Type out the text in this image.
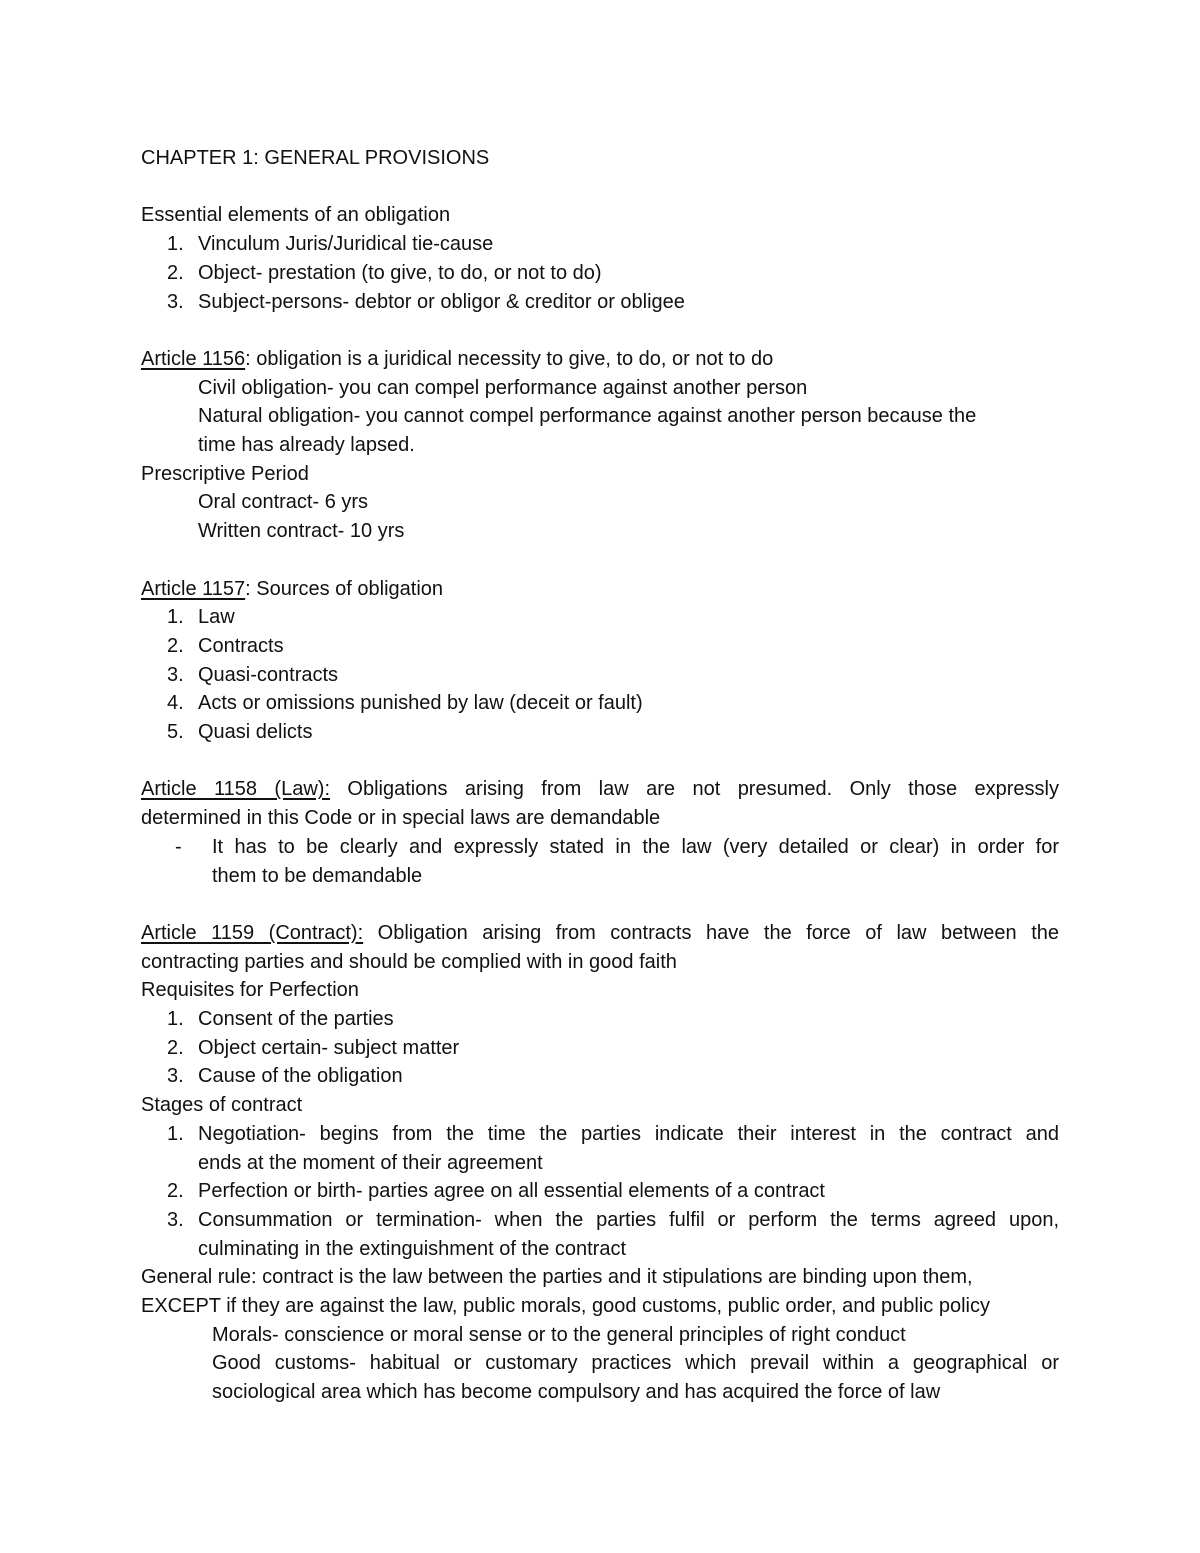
CHAPTER 1: GENERAL PROVISIONS
Essential elements of an obligation
1. Vinculum Juris/Juridical tie-cause
2. Object- prestation (to give, to do, or not to do)
3. Subject-persons- debtor or obligor & creditor or obligee
Article 1156: obligation is a juridical necessity to give, to do, or not to do
Civil obligation- you can compel performance against another person
Natural obligation- you cannot compel performance against another person because the
time has already lapsed.
Prescriptive Period
Oral contract- 6 yrs
Written contract- 10 yrs
Article 1157: Sources of obligation
1. Law
2. Contracts
3. Quasi-contracts
4. Acts or omissions punished by law (deceit or fault)
5. Quasi delicts
Article 1158 (Law): Obligations arising from law are not presumed. Only those expressly
determined in this Code or in special laws are demandable
- It has to be clearly and expressly stated in the law (very detailed or clear) in order for
them to be demandable
Article 1159 (Contract): Obligation arising from contracts have the force of law between the
contracting parties and should be complied with in good faith
Requisites for Perfection
1. Consent of the parties
2. Object certain- subject matter
3. Cause of the obligation
Stages of contract
1. Negotiation- begins from the time the parties indicate their interest in the contract and
ends at the moment of their agreement
2. Perfection or birth- parties agree on all essential elements of a contract
3. Consummation or termination- when the parties fulfil or perform the terms agreed upon,
culminating in the extinguishment of the contract
General rule: contract is the law between the parties and it stipulations are binding upon them,
EXCEPT if they are against the law, public morals, good customs, public order, and public policy
Morals- conscience or moral sense or to the general principles of right conduct
Good customs- habitual or customary practices which prevail within a geographical or
sociological area which has become compulsory and has acquired the force of law
